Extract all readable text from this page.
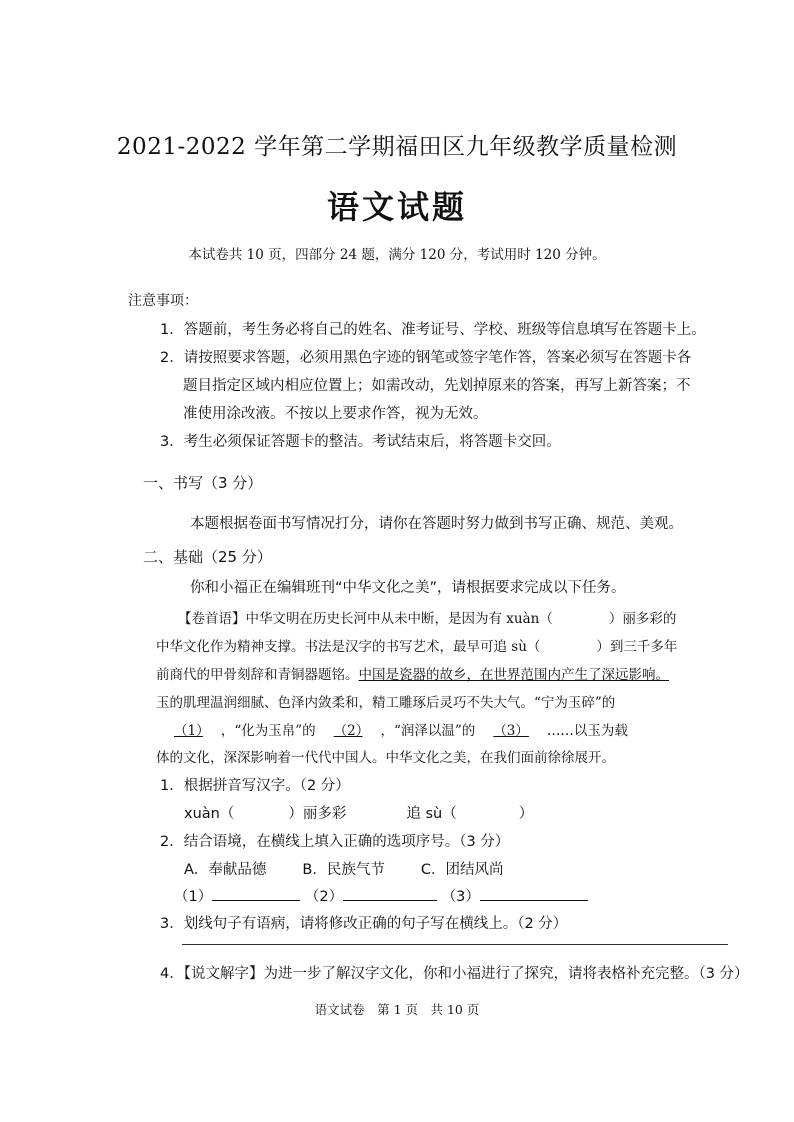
2021-2022 学年第二学期福田区九年级教学质量检测
语文试题
本试卷共 10 页，四部分 24 题，满分 120 分，考试用时 120 分钟。
注意事项：
1．答题前，考生务必将自己的姓名、准考证号、学校、班级等信息填写在答题卡上。
2．请按照要求答题，必须用黑色字迹的钢笔或签字笔作答，答案必须写在答题卡各
题目指定区域内相应位置上；如需改动，先划掉原来的答案，再写上新答案；不
准使用涂改液。不按以上要求作答，视为无效。
3．考生必须保证答题卡的整洁。考试结束后，将答题卡交回。
一、书写（3 分）
本题根据卷面书写情况打分，请你在答题时努力做到书写正确、规范、美观。
二、基础（25 分）
你和小福正在编辑班刊“中华文化之美”，请根据要求完成以下任务。
【卷首语】中华文明在历史长河中从未中断，是因为有 xuàn（	）丽多彩的
中华文化作为精神支撑。书法是汉字的书写艺术，最早可追 sù（	）到三千多年
前商代的甲骨刻辞和青铜器题铭。中国是瓷器的故乡，在世界范围内产生了深远影响。
玉的肌理温润细腻、色泽内敛柔和，精工雕琢后灵巧不失大气。“宁为玉碎”的
（1） ，“化为玉帛”的 （2） ，“润泽以温”的 （3） ……以玉为载
体的文化，深深影响着一代代中国人。中华文化之美，在我们面前徐徐展开。
1．根据拼音写汉字。（2 分）
xuàn（	）丽多彩	追 sù（	）
2．结合语境，在横线上填入正确的选项序号。（3 分）
A．奉献品德 B．民族气节 C．团结风尚
（1）	（2）	（3）
3．划线句子有语病，请将修改正确的句子写在横线上。（2 分）
4．【说文解字】为进一步了解汉字文化，你和小福进行了探究，请将表格补充完整。（3 分）
语文试卷　第 1 页　共 10 页
